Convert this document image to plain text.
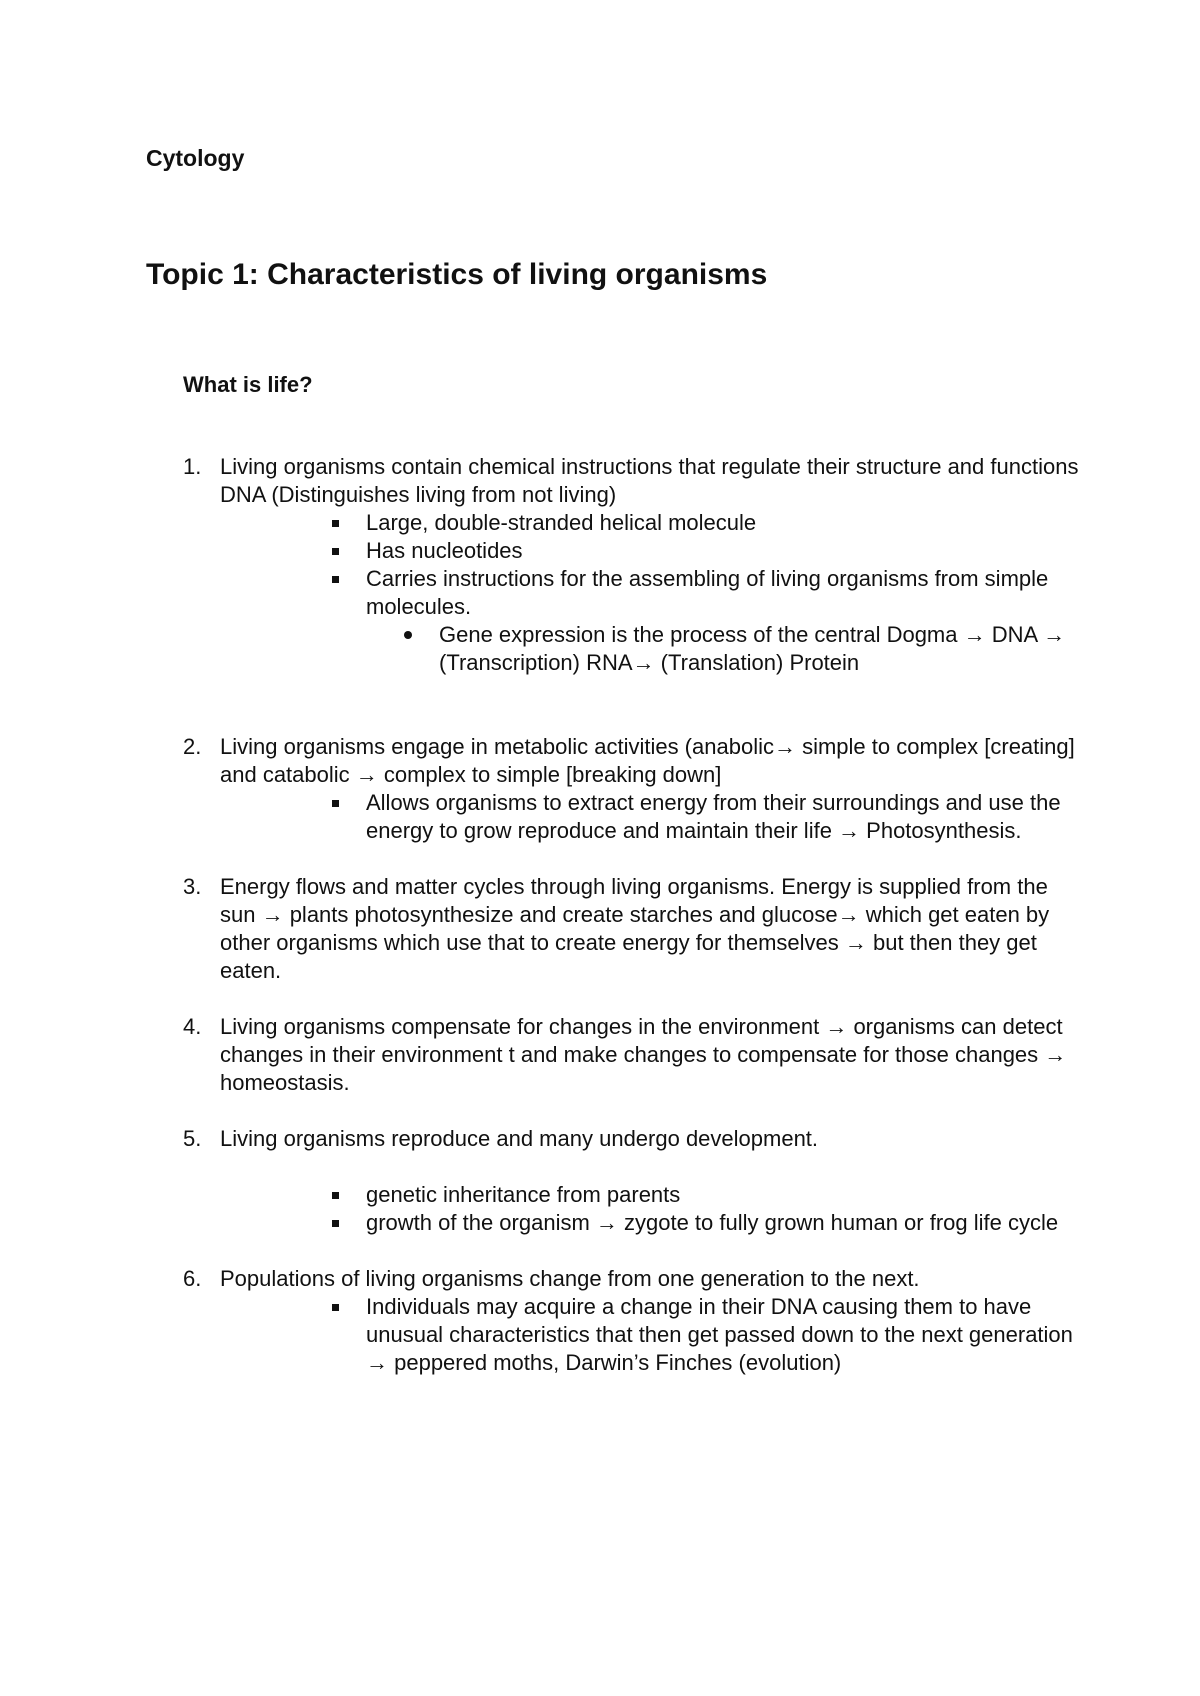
Cytology
Topic 1: Characteristics of living organisms
What is life?
1. Living organisms contain chemical instructions that regulate their structure and functions DNA (Distinguishes living from not living)
Large, double-stranded helical molecule
Has nucleotides
Carries instructions for the assembling of living organisms from simple molecules.
Gene expression is the process of the central Dogma → DNA → (Transcription) RNA→ (Translation) Protein
2. Living organisms engage in metabolic activities (anabolic→ simple to complex [creating] and catabolic → complex to simple [breaking down]
Allows organisms to extract energy from their surroundings and use the energy to grow reproduce and maintain their life → Photosynthesis.
3. Energy flows and matter cycles through living organisms. Energy is supplied from the sun → plants photosynthesize and create starches and glucose→ which get eaten by other organisms which use that to create energy for themselves → but then they get eaten.
4. Living organisms compensate for changes in the environment → organisms can detect changes in their environment t and make changes to compensate for those changes → homeostasis.
5. Living organisms reproduce and many undergo development.
genetic inheritance from parents
growth of the organism → zygote to fully grown human or frog life cycle
6. Populations of living organisms change from one generation to the next.
Individuals may acquire a change in their DNA causing them to have unusual characteristics that then get passed down to the next generation → peppered moths, Darwin’s Finches (evolution)
